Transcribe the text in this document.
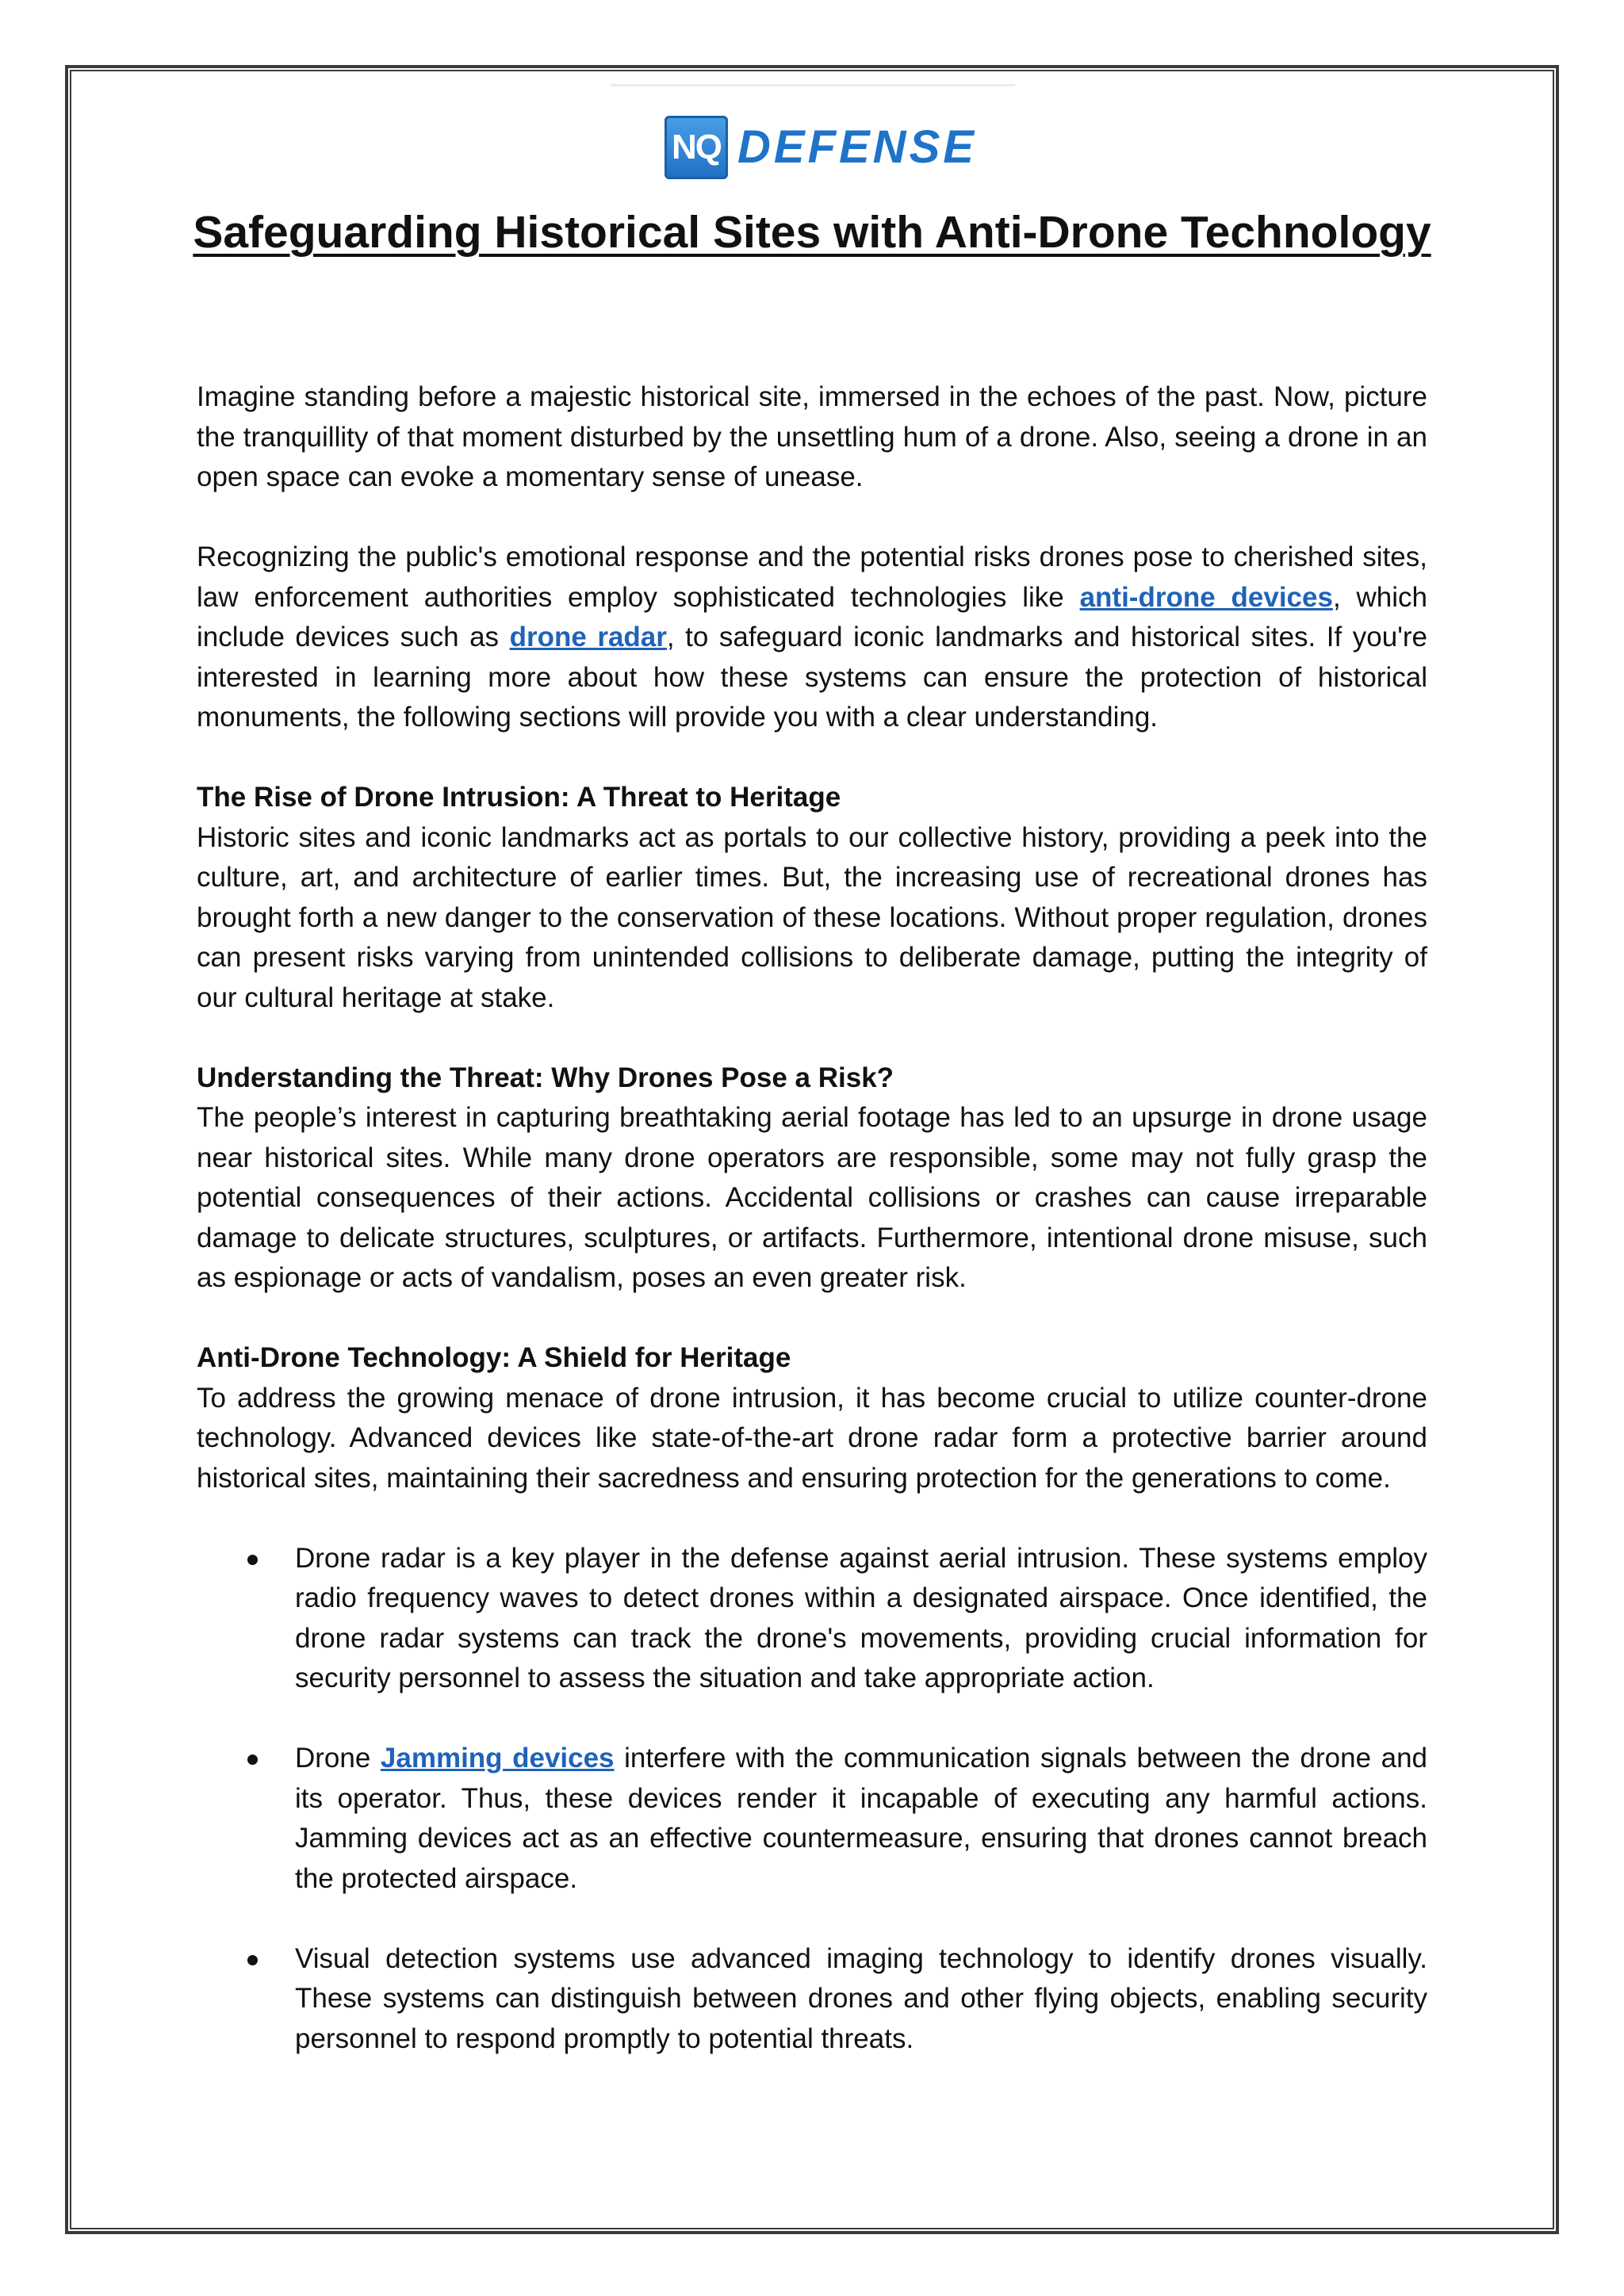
NQ DEFENSE
Safeguarding Historical Sites with Anti-Drone Technology

Imagine standing before a majestic historical site, immersed in the echoes of the past. Now, picture the tranquillity of that moment disturbed by the unsettling hum of a drone. Also, seeing a drone in an open space can evoke a momentary sense of unease.

Recognizing the public's emotional response and the potential risks drones pose to cherished sites, law enforcement authorities employ sophisticated technologies like anti-drone devices, which include devices such as drone radar, to safeguard iconic landmarks and historical sites. If you're interested in learning more about how these systems can ensure the protection of historical monuments, the following sections will provide you with a clear understanding.

The Rise of Drone Intrusion: A Threat to Heritage

Historic sites and iconic landmarks act as portals to our collective history, providing a peek into the culture, art, and architecture of earlier times. But, the increasing use of recreational drones has brought forth a new danger to the conservation of these locations. Without proper regulation, drones can present risks varying from unintended collisions to deliberate damage, putting the integrity of our cultural heritage at stake.

Understanding the Threat: Why Drones Pose a Risk?

The people’s interest in capturing breathtaking aerial footage has led to an upsurge in drone usage near historical sites. While many drone operators are responsible, some may not fully grasp the potential consequences of their actions. Accidental collisions or crashes can cause irreparable damage to delicate structures, sculptures, or artifacts. Furthermore, intentional drone misuse, such as espionage or acts of vandalism, poses an even greater risk.

Anti-Drone Technology: A Shield for Heritage

To address the growing menace of drone intrusion, it has become crucial to utilize counter-drone technology. Advanced devices like state-of-the-art drone radar form a protective barrier around historical sites, maintaining their sacredness and ensuring protection for the generations to come.

Drone radar is a key player in the defense against aerial intrusion. These systems employ radio frequency waves to detect drones within a designated airspace. Once identified, the drone radar systems can track the drone's movements, providing crucial information for security personnel to assess the situation and take appropriate action.
Drone Jamming devices interfere with the communication signals between the drone and its operator. Thus, these devices render it incapable of executing any harmful actions. Jamming devices act as an effective countermeasure, ensuring that drones cannot breach the protected airspace.
Visual detection systems use advanced imaging technology to identify drones visually. These systems can distinguish between drones and other flying objects, enabling security personnel to respond promptly to potential threats.
